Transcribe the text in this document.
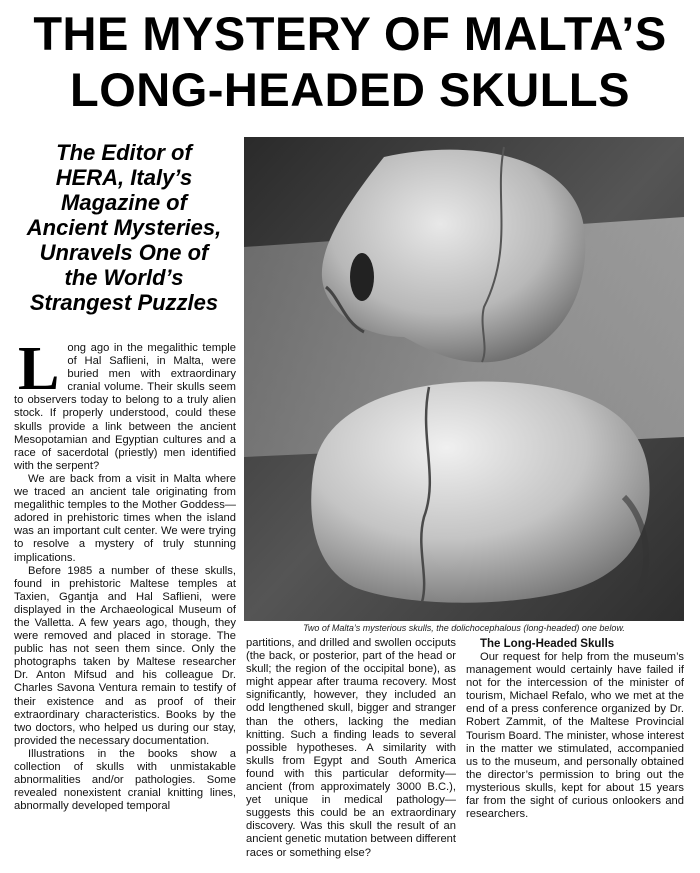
THE MYSTERY OF MALTA’S
LONG-HEADED SKULLS
The Editor of
HERA, Italy’s
Magazine of
Ancient Mysteries,
Unravels One of
the World’s
Strangest Puzzles
Two of Malta’s mysterious skulls, the dolichocephalous (long-headed) one below.

Long ago in the megalithic temple of Hal Saflieni, in Malta, were buried men with extraordinary cranial volume. Their skulls seem to observers today to belong to a truly alien stock. If properly understood, could these skulls provide a link between the ancient Mesopotamian and Egyptian cultures and a race of sacerdotal (priestly) men identified with the serpent?

We are back from a visit in Malta where we traced an ancient tale originating from megalithic temples to the Mother Goddess—adored in prehistoric times when the island was an important cult center. We were trying to resolve a mystery of truly stunning implications.

Before 1985 a number of these skulls, found in prehistoric Maltese temples at Taxien, Ggantja and Hal Saflieni, were displayed in the Archaeological Museum of the Valletta. A few years ago, though, they were removed and placed in storage. The public has not seen them since. Only the photographs taken by Maltese researcher Dr. Anton Mifsud and his colleague Dr. Charles Savona Ventura remain to testify of their existence and as proof of their extraordinary characteristics. Books by the two doctors, who helped us during our stay, provided the necessary documentation.

Illustrations in the books show a collection of skulls with unmistakable abnormalities and/or pathologies. Some revealed nonexistent cranial knitting lines, abnormally developed temporal

partitions, and drilled and swollen occiputs (the back, or posterior, part of the head or skull; the region of the occipital bone), as might appear after trauma recovery. Most significantly, however, they included an odd lengthened skull, bigger and stranger than the others, lacking the median knitting. Such a finding leads to several possible hypotheses. A similarity with skulls from Egypt and South America found with this particular deformity—ancient (from approximately 3000 B.C.), yet unique in medical pathology—suggests this could be an extraordinary discovery. Was this skull the result of an ancient genetic mutation between different races or something else?

The Long-Headed Skulls

Our request for help from the museum’s management would certainly have failed if not for the intercession of the minister of tourism, Michael Refalo, who we met at the end of a press conference organized by Dr. Robert Zammit, of the Maltese Provincial Tourism Board. The minister, whose interest in the matter we stimulated, accompanied us to the museum, and personally obtained the director’s permission to bring out the mysterious skulls, kept for about 15 years far from the sight of curious onlookers and researchers.
